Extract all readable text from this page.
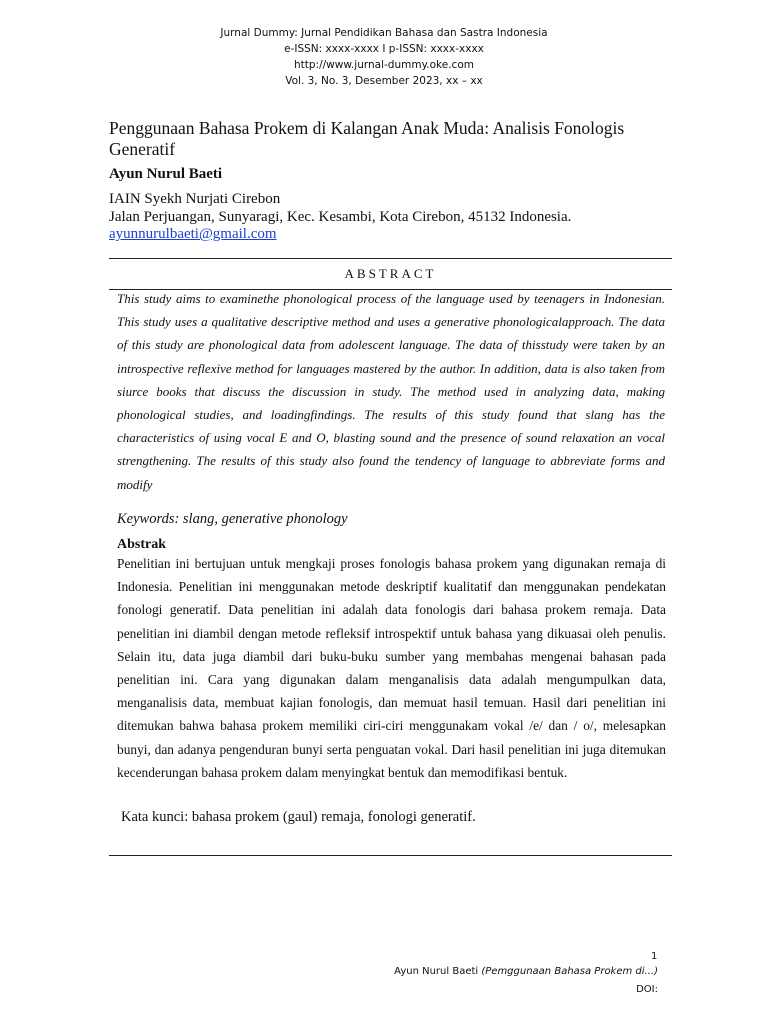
Jurnal Dummy: Jurnal Pendidikan Bahasa dan Sastra Indonesia
e-ISSN: xxxx-xxxx I p-ISSN: xxxx-xxxx
http://www.jurnal-dummy.oke.com
Vol. 3, No. 3, Desember 2023, xx – xx
Penggunaan Bahasa Prokem di Kalangan Anak Muda: Analisis Fonologis Generatif
Ayun Nurul Baeti
IAIN Syekh Nurjati Cirebon
Jalan Perjuangan, Sunyaragi, Kec. Kesambi, Kota Cirebon, 45132 Indonesia.
ayunnurulbaeti@gmail.com
ABSTRACT
This study aims to examinethe phonological process of the language used by teenagers in Indonesian. This study uses a qualitative descriptive method and uses a generative phonologicalapproach. The data of this study are phonological data from adolescent language. The data of thisstudy were taken by an introspective reflexive method for languages mastered by the author. In addition, data is also taken from siurce books that discuss the discussion in study. The method used in analyzing data, making phonological studies, and loadingfindings. The results of this study found that slang has the characteristics of using vocal E and O, blasting sound and the presence of sound relaxation an vocal strengthening. The results of this study also found the tendency of language to abbreviate forms and modify
Keywords: slang, generative phonology
Abstrak
Penelitian ini bertujuan untuk mengkaji proses fonologis bahasa prokem yang digunakan remaja di Indonesia. Penelitian ini menggunakan metode deskriptif kualitatif dan menggunakan pendekatan fonologi generatif. Data penelitian ini adalah data fonologis dari bahasa prokem remaja. Data penelitian ini diambil dengan metode refleksif introspektif untuk bahasa yang dikuasai oleh penulis. Selain itu, data juga diambil dari buku-buku sumber yang membahas mengenai bahasan pada penelitian ini. Cara yang digunakan dalam menganalisis data adalah mengumpulkan data, menganalisis data, membuat kajian fonologis, dan memuat hasil temuan. Hasil dari penelitian ini ditemukan bahwa bahasa prokem memiliki ciri-ciri menggunakam vokal /e/ dan / o/, melesapkan bunyi, dan adanya pengenduran bunyi serta penguatan vokal. Dari hasil penelitian ini juga ditemukan kecenderungan bahasa prokem dalam menyingkat bentuk dan memodifikasi bentuk.
Kata kunci: bahasa prokem (gaul) remaja, fonologi generatif.
1
Ayun Nurul Baeti (Pemggunaan Bahasa Prokem di...)
DOI:
